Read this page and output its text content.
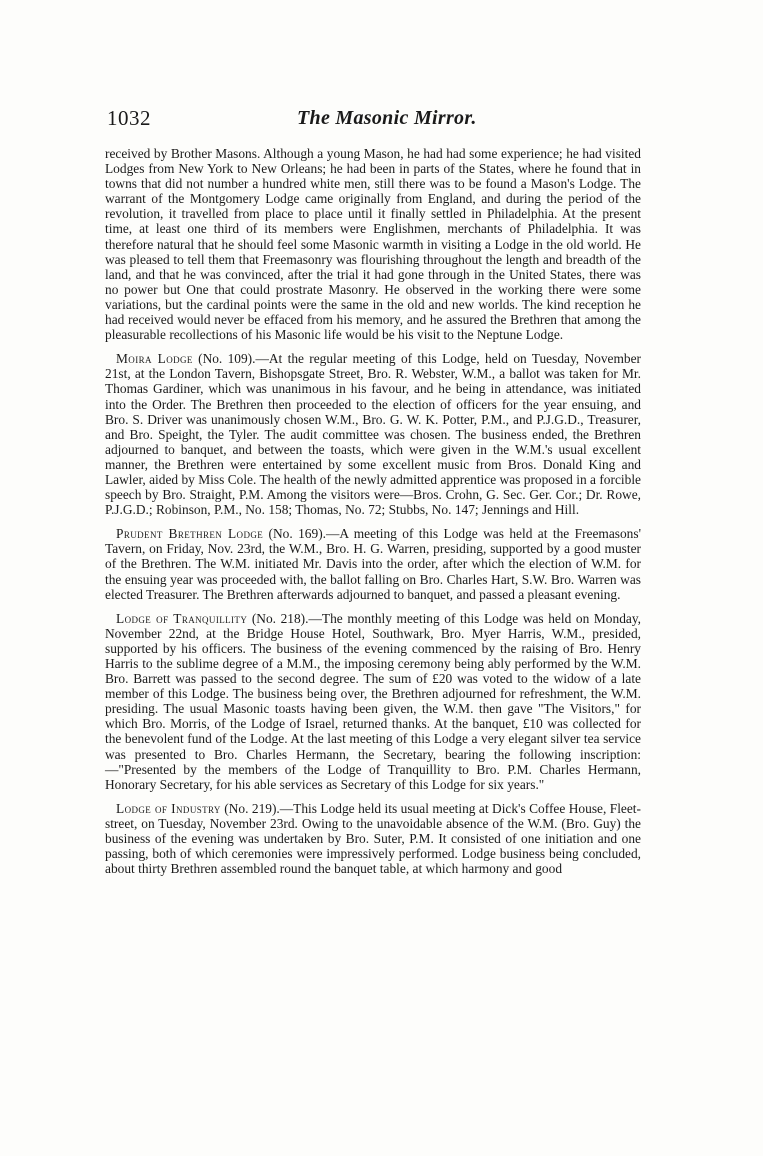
1032	The Masonic Mirror.

received by Brother Masons. Although a young Mason, he had had some experience; he had visited Lodges from New York to New Orleans; he had been in parts of the States, where he found that in towns that did not number a hundred white men, still there was to be found a Mason's Lodge. The warrant of the Montgomery Lodge came originally from England, and during the period of the revolution, it travelled from place to place until it finally settled in Philadelphia. At the present time, at least one third of its members were Englishmen, merchants of Philadelphia. It was therefore natural that he should feel some Masonic warmth in visiting a Lodge in the old world. He was pleased to tell them that Freemasonry was flourishing throughout the length and breadth of the land, and that he was convinced, after the trial it had gone through in the United States, there was no power but One that could prostrate Masonry. He observed in the working there were some variations, but the cardinal points were the same in the old and new worlds. The kind reception he had received would never be effaced from his memory, and he assured the Brethren that among the pleasurable recollections of his Masonic life would be his visit to the Neptune Lodge.

Moira Lodge (No. 109).—At the regular meeting of this Lodge, held on Tuesday, November 21st, at the London Tavern, Bishopsgate Street, Bro. R. Webster, W.M., a ballot was taken for Mr. Thomas Gardiner, which was unanimous in his favour, and he being in attendance, was initiated into the Order. The Brethren then proceeded to the election of officers for the year ensuing, and Bro. S. Driver was unanimously chosen W.M., Bro. G. W. K. Potter, P.M., and P.J.G.D., Treasurer, and Bro. Speight, the Tyler. The audit committee was chosen. The business ended, the Brethren adjourned to banquet, and between the toasts, which were given in the W.M.'s usual excellent manner, the Brethren were entertained by some excellent music from Bros. Donald King and Lawler, aided by Miss Cole. The health of the newly admitted apprentice was proposed in a forcible speech by Bro. Straight, P.M. Among the visitors were—Bros. Crohn, G. Sec. Ger. Cor.; Dr. Rowe, P.J.G.D.; Robinson, P.M., No. 158; Thomas, No. 72; Stubbs, No. 147; Jennings and Hill.

Prudent Brethren Lodge (No. 169).—A meeting of this Lodge was held at the Freemasons' Tavern, on Friday, Nov. 23rd, the W.M., Bro. H. G. Warren, presiding, supported by a good muster of the Brethren. The W.M. initiated Mr. Davis into the order, after which the election of W.M. for the ensuing year was proceeded with, the ballot falling on Bro. Charles Hart, S.W. Bro. Warren was elected Treasurer. The Brethren afterwards adjourned to banquet, and passed a pleasant evening.

Lodge of Tranquillity (No. 218).—The monthly meeting of this Lodge was held on Monday, November 22nd, at the Bridge House Hotel, Southwark, Bro. Myer Harris, W.M., presided, supported by his officers. The business of the evening commenced by the raising of Bro. Henry Harris to the sublime degree of a M.M., the imposing ceremony being ably performed by the W.M. Bro. Barrett was passed to the second degree. The sum of £20 was voted to the widow of a late member of this Lodge. The business being over, the Brethren adjourned for refreshment, the W.M. presiding. The usual Masonic toasts having been given, the W.M. then gave "The Visitors," for which Bro. Morris, of the Lodge of Israel, returned thanks. At the banquet, £10 was collected for the benevolent fund of the Lodge. At the last meeting of this Lodge a very elegant silver tea service was presented to Bro. Charles Hermann, the Secretary, bearing the following inscription:—"Presented by the members of the Lodge of Tranquillity to Bro. P.M. Charles Hermann, Honorary Secretary, for his able services as Secretary of this Lodge for six years."

Lodge of Industry (No. 219).—This Lodge held its usual meeting at Dick's Coffee House, Fleet-street, on Tuesday, November 23rd. Owing to the unavoidable absence of the W.M. (Bro. Guy) the business of the evening was undertaken by Bro. Suter, P.M. It consisted of one initiation and one passing, both of which ceremonies were impressively performed. Lodge business being concluded, about thirty Brethren assembled round the banquet table, at which harmony and good
